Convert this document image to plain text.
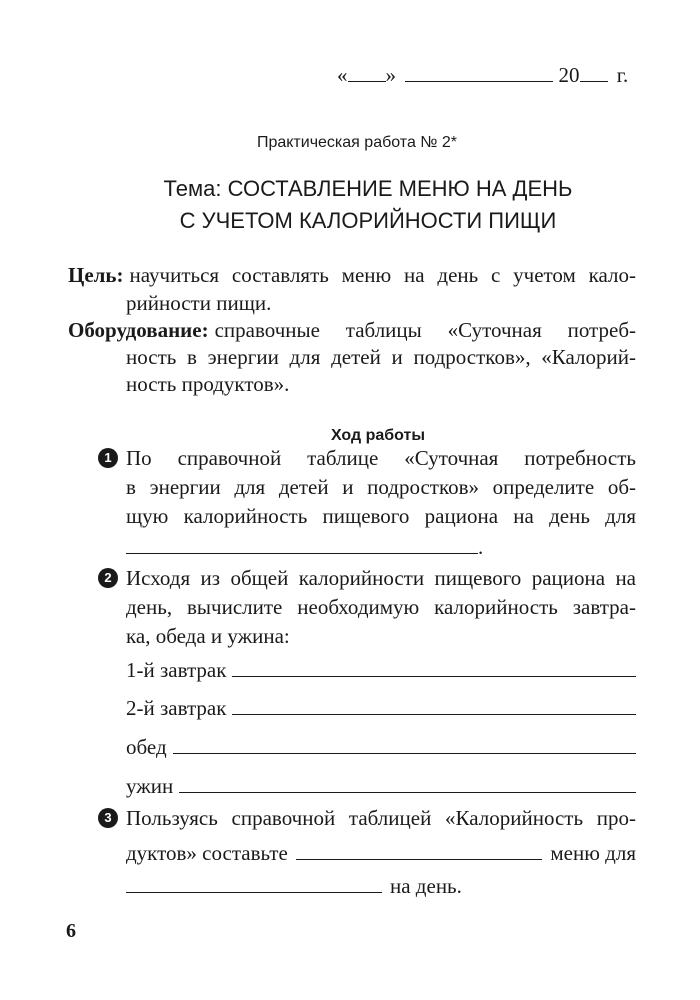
« »	20 г.
Практическая работа № 2*
Тема: СОСТАВЛЕНИЕ МЕНЮ НА ДЕНЬ
С УЧЕТОМ КАЛОРИЙНОСТИ ПИЩИ
Цель: научиться составлять меню на день с учетом кало-
рийности пищи.
Оборудование: справочные таблицы «Суточная потреб-
ность в энергии для детей и подростков», «Калорий-
ность продуктов».
Ход работы
1 По справочной таблице «Суточная потребность
в энергии для детей и подростков» определите об-
щую калорийность пищевого рациона на день для
.
2 Исходя из общей калорийности пищевого рациона на
день, вычислите необходимую калорийность завтра-
ка, обеда и ужина:
1-й завтрак
2-й завтрак
обед
ужин
3 Пользуясь справочной таблицей «Калорийность про-
дуктов» составьте	меню для
на день.
6
